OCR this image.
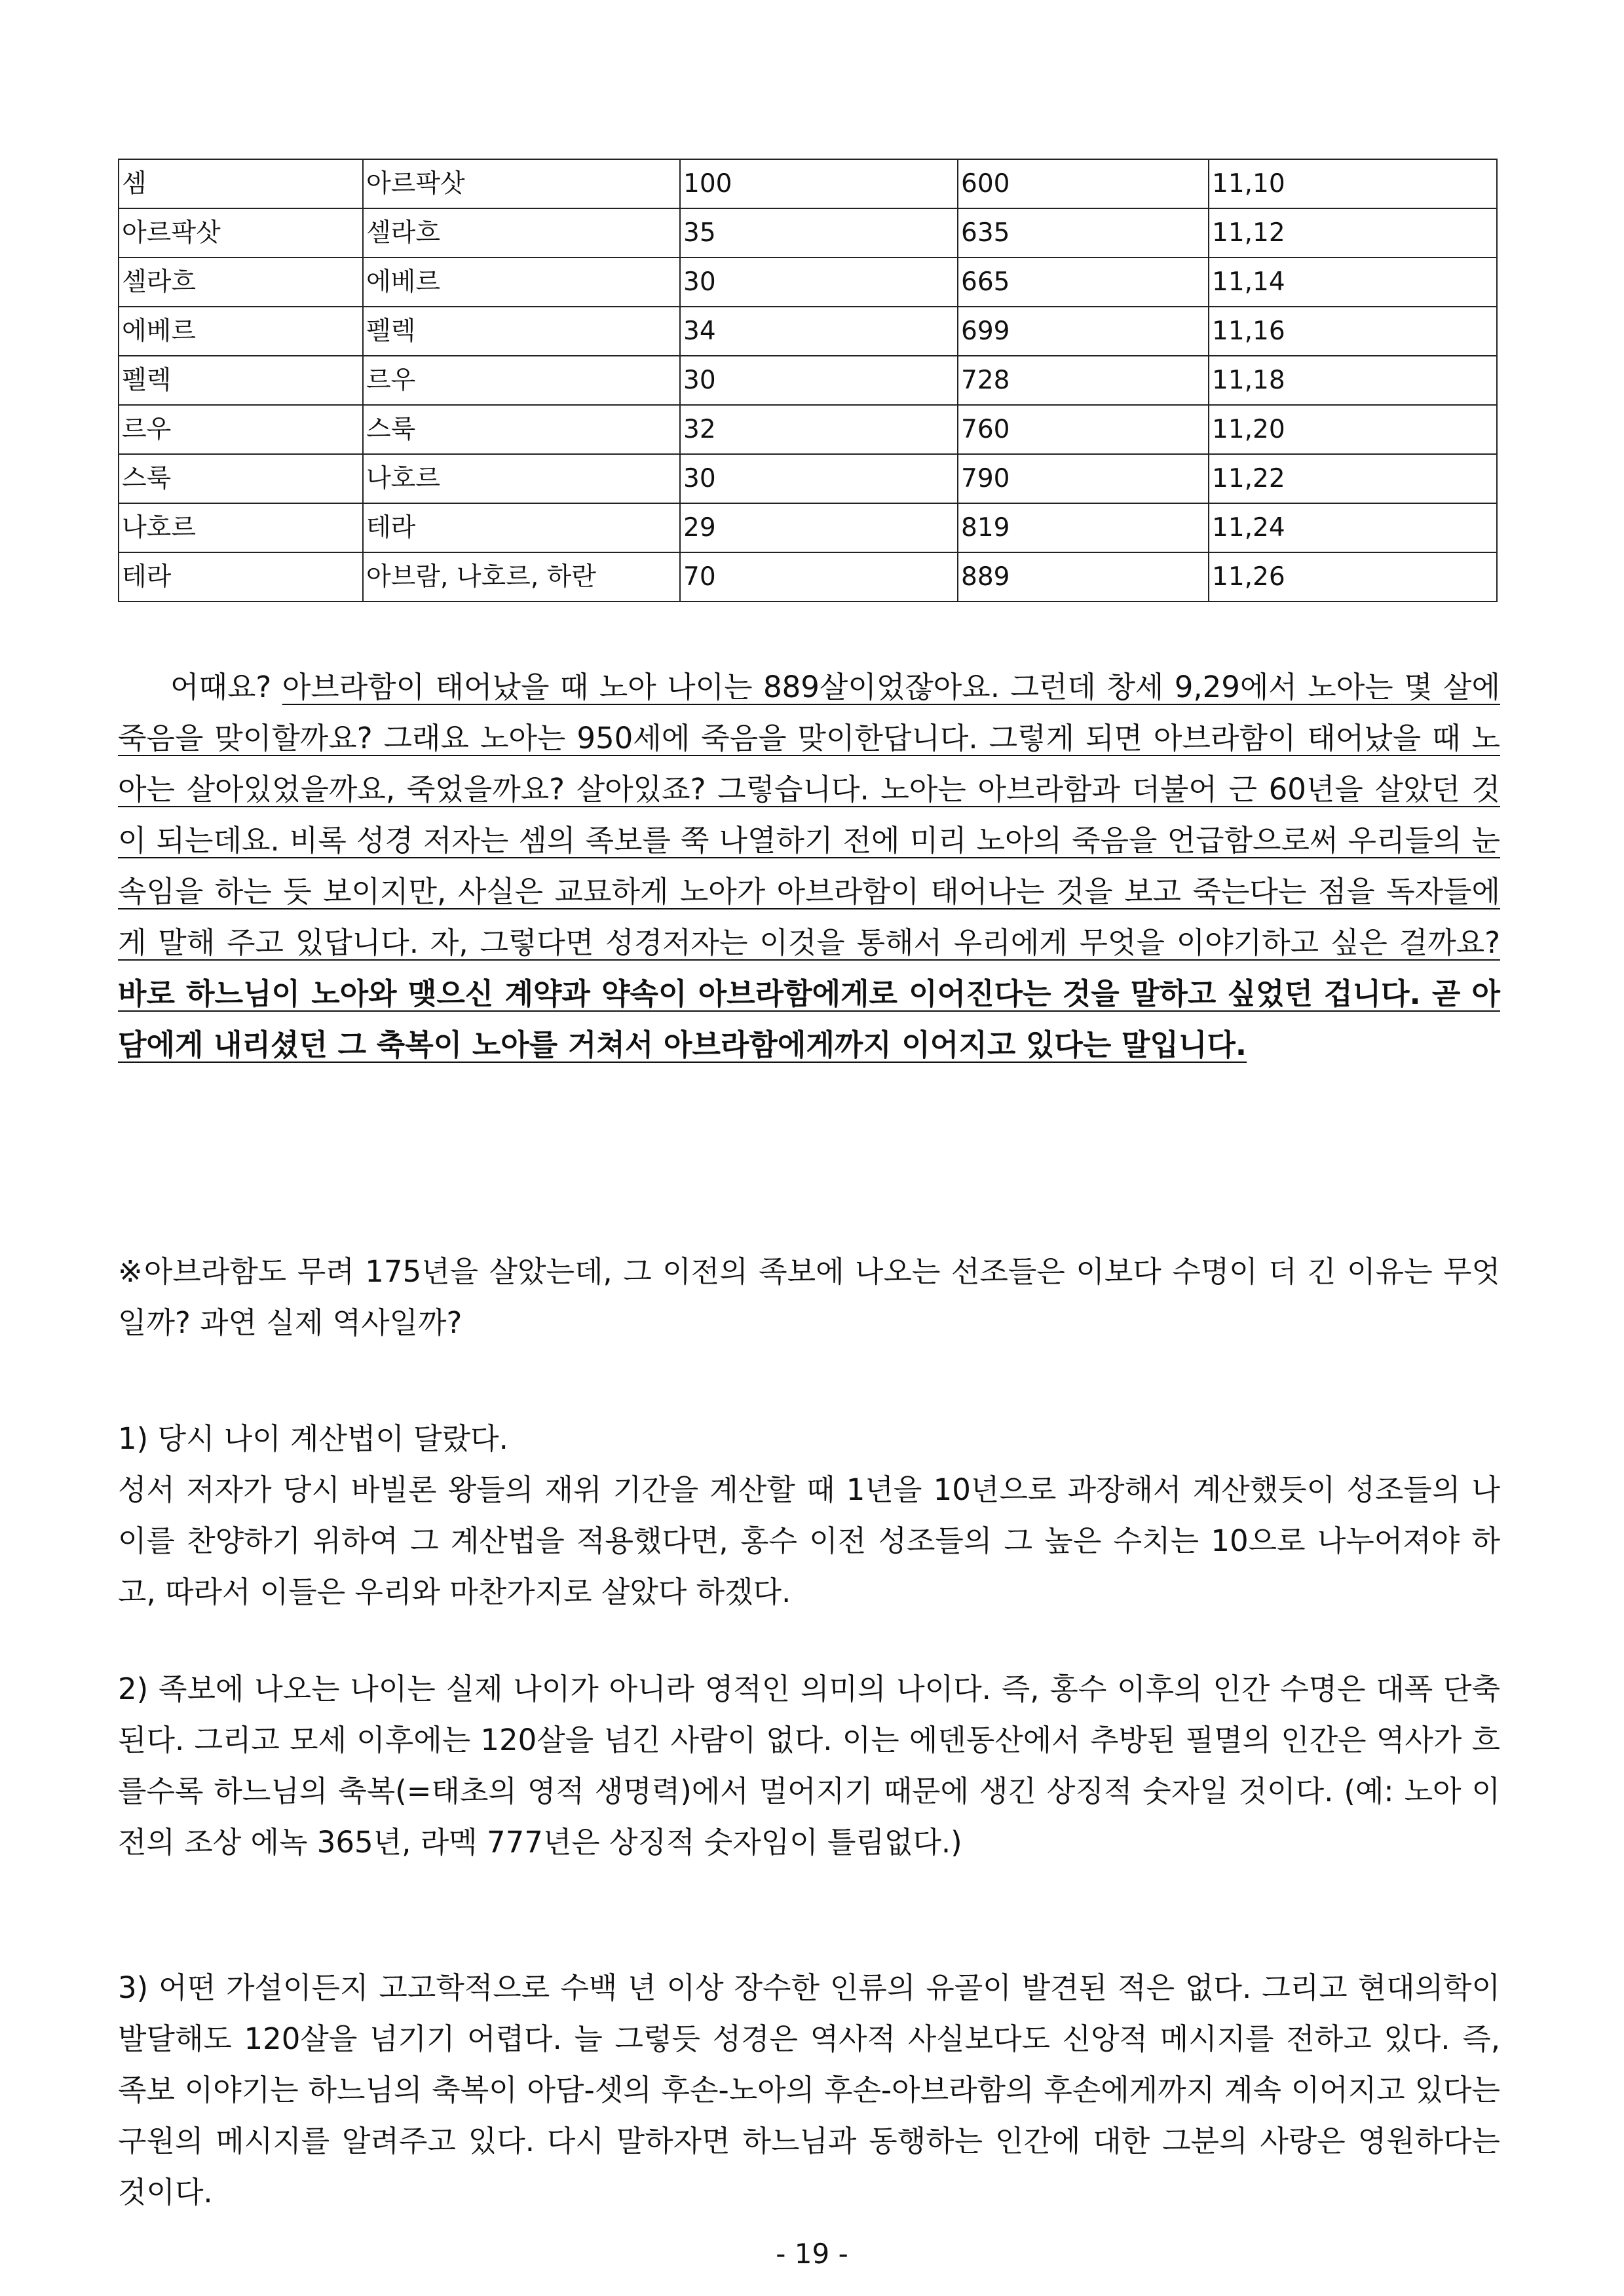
셈	아르팍삿	100	600	11,10
아르팍삿	셀라흐	35	635	11,12
셀라흐	에베르	30	665	11,14
에베르	펠렉	34	699	11,16
펠렉	르우	30	728	11,18
르우	스룩	32	760	11,20
스룩	나호르	30	790	11,22
나호르	테라	29	819	11,24
테라	아브람, 나호르, 하란	70	889	11,26

어때요? 아브라함이 태어났을 때 노아 나이는 889살이었잖아요. 그런데 창세 9,29에서 노아는 몇 살에 죽음을 맞이할까요? 그래요 노아는 950세에 죽음을 맞이한답니다. 그렇게 되면 아브라함이 태어났을 때 노아는 살아있었을까요, 죽었을까요? 살아있죠? 그렇습니다. 노아는 아브라함과 더불어 근 60년을 살았던 것이 되는데요. 비록 성경 저자는 셈의 족보를 쭉 나열하기 전에 미리 노아의 죽음을 언급함으로써 우리들의 눈속임을 하는 듯 보이지만, 사실은 교묘하게 노아가 아브라함이 태어나는 것을 보고 죽는다는 점을 독자들에게 말해 주고 있답니다. 자, 그렇다면 성경저자는 이것을 통해서 우리에게 무엇을 이야기하고 싶은 걸까요? 바로 하느님이 노아와 맺으신 계약과 약속이 아브라함에게로 이어진다는 것을 말하고 싶었던 겁니다. 곧 아담에게 내리셨던 그 축복이 노아를 거쳐서 아브라함에게까지 이어지고 있다는 말입니다.

※아브라함도 무려 175년을 살았는데, 그 이전의 족보에 나오는 선조들은 이보다 수명이 더 긴 이유는 무엇일까? 과연 실제 역사일까?

1) 당시 나이 계산법이 달랐다.

성서 저자가 당시 바빌론 왕들의 재위 기간을 계산할 때 1년을 10년으로 과장해서 계산했듯이 성조들의 나이를 찬양하기 위하여 그 계산법을 적용했다면, 홍수 이전 성조들의 그 높은 수치는 10으로 나누어져야 하고, 따라서 이들은 우리와 마찬가지로 살았다 하겠다.

2) 족보에 나오는 나이는 실제 나이가 아니라 영적인 의미의 나이다. 즉, 홍수 이후의 인간 수명은 대폭 단축된다. 그리고 모세 이후에는 120살을 넘긴 사람이 없다. 이는 에덴동산에서 추방된 필멸의 인간은 역사가 흐를수록 하느님의 축복(=태초의 영적 생명력)에서 멀어지기 때문에 생긴 상징적 숫자일 것이다. (예: 노아 이전의 조상 에녹 365년, 라멕 777년은 상징적 숫자임이 틀림없다.)

3) 어떤 가설이든지 고고학적으로 수백 년 이상 장수한 인류의 유골이 발견된 적은 없다. 그리고 현대의학이 발달해도 120살을 넘기기 어렵다. 늘 그렇듯 성경은 역사적 사실보다도 신앙적 메시지를 전하고 있다. 즉, 족보 이야기는 하느님의 축복이 아담-셋의 후손-노아의 후손-아브라함의 후손에게까지 계속 이어지고 있다는 구원의 메시지를 알려주고 있다. 다시 말하자면 하느님과 동행하는 인간에 대한 그분의 사랑은 영원하다는 것이다.

- 19 -
